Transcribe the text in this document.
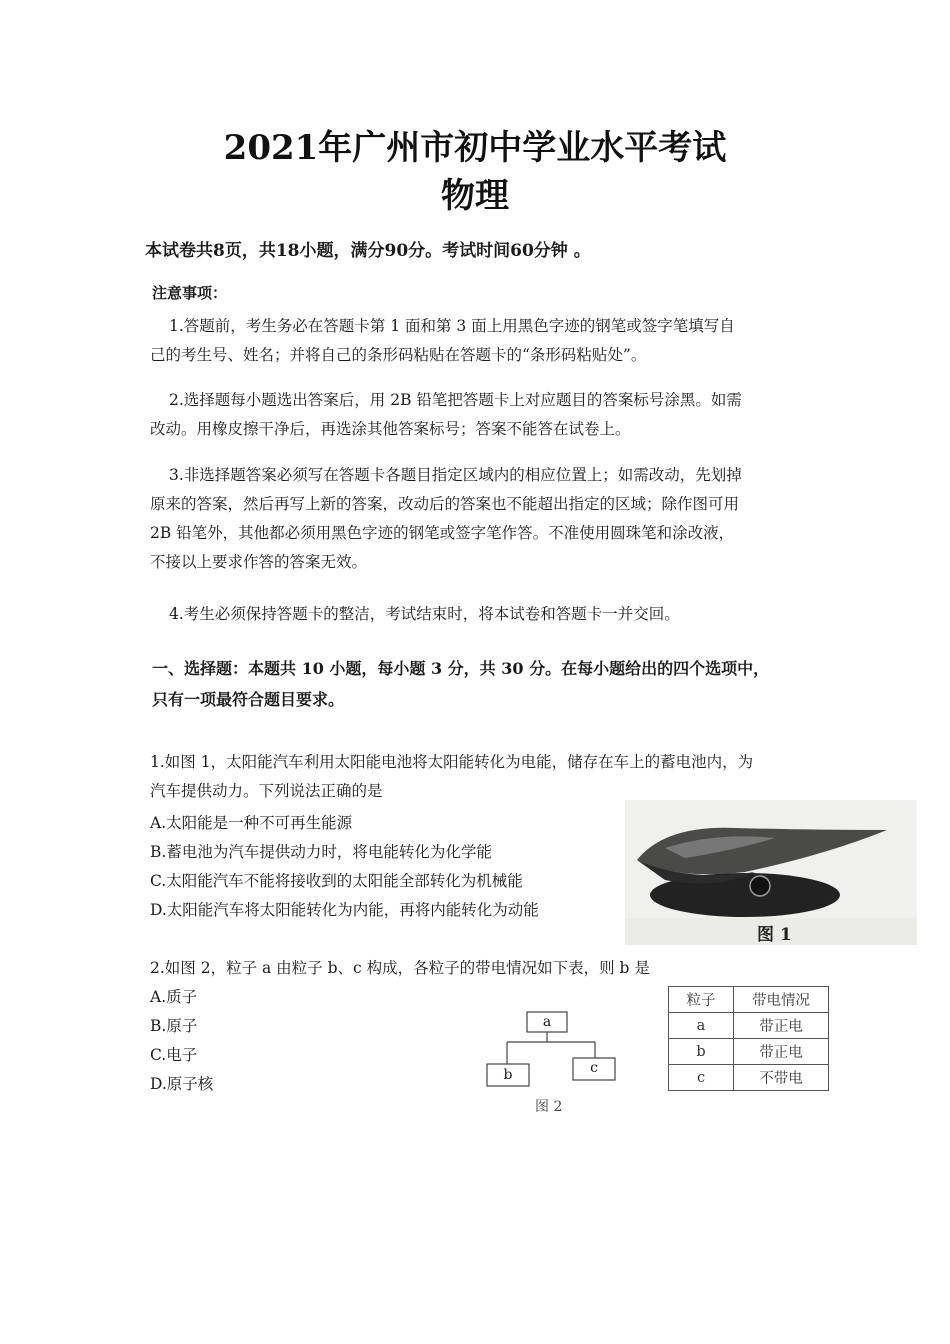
2021年广州市初中学业水平考试
物理
本试卷共8页，共18小题，满分90分。考试时间60分钟 。
注意事项：
1.答题前，考生务必在答题卡第 1 面和第 3 面上用黑色字迹的钢笔或签字笔填写自
己的考生号、姓名；并将自己的条形码粘贴在答题卡的“条形码粘贴处”。
2.选择题每小题选出答案后，用 2B 铅笔把答题卡上对应题目的答案标号涂黑。如需
改动。用橡皮擦干净后，再选涂其他答案标号；答案不能答在试卷上。
3.非选择题答案必须写在答题卡各题目指定区域内的相应位置上；如需改动，先划掉
原来的答案，然后再写上新的答案，改动后的答案也不能超出指定的区域；除作图可用
2B 铅笔外，其他都必须用黑色字迹的钢笔或签字笔作答。不准使用圆珠笔和涂改液，
不接以上要求作答的答案无效。
4.考生必须保持答题卡的整洁，考试结束时，将本试卷和答题卡一并交回。
一、选择题：本题共 10 小题，每小题 3 分，共 30 分。在每小题给出的四个选项中，
只有一项最符合题目要求。
1.如图 1，太阳能汽车利用太阳能电池将太阳能转化为电能，储存在车上的蓄电池内，为
汽车提供动力。下列说法正确的是
A.太阳能是一种不可再生能源
B.蓄电池为汽车提供动力时，将电能转化为化学能
C.太阳能汽车不能将接收到的太阳能全部转化为机械能
D.太阳能汽车将太阳能转化为内能，再将内能转化为动能
图 1
2.如图 2，粒子 a 由粒子 b、c 构成，各粒子的带电情况如下表，则 b 是
A.质子
B.原子
C.电子
D.原子核
a
b	c
图 2
粒子	带电情况
a	带正电
b	带正电
c	不带电
